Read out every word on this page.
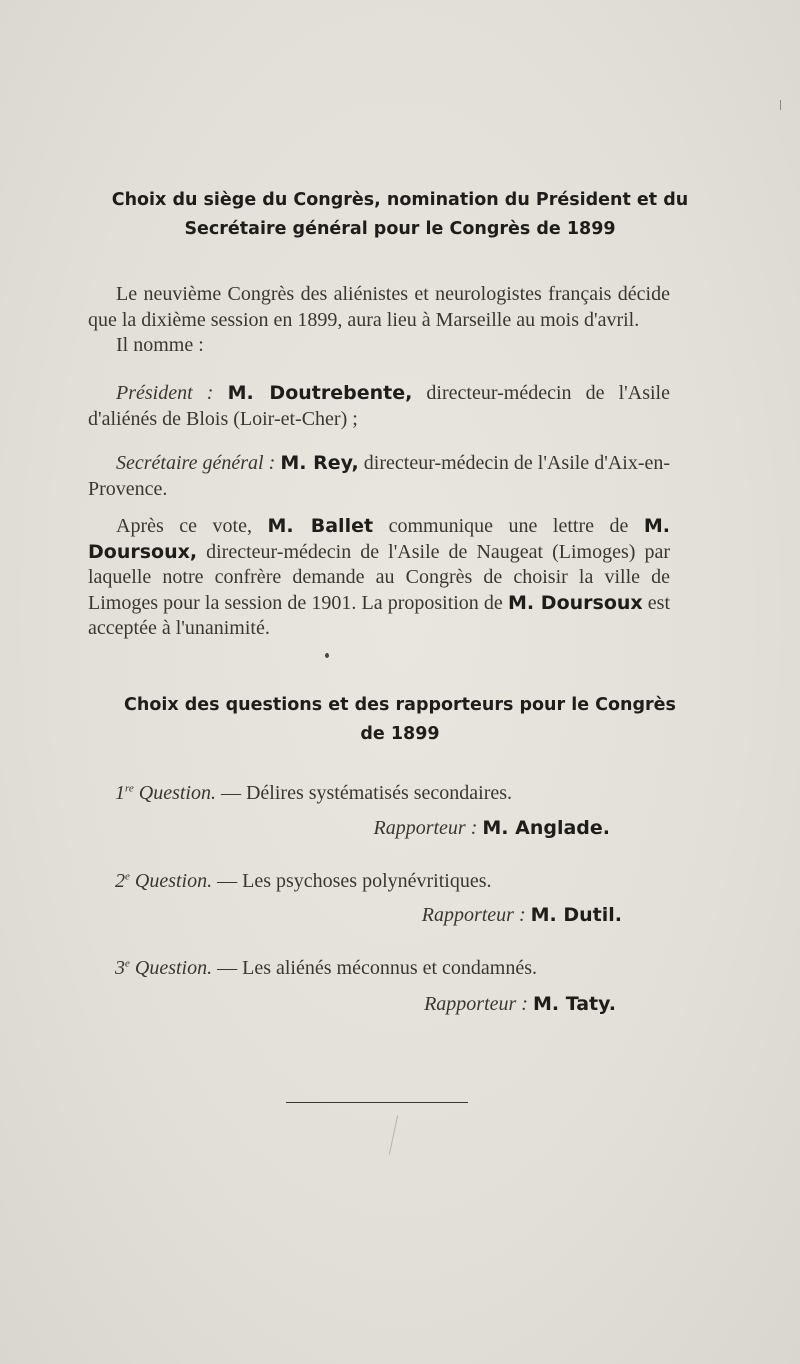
Choix du siège du Congrès, nomination du Président et du
Secrétaire général pour le Congrès de 1899

Le neuvième Congrès des aliénistes et neurologistes français décide que la dixième session en 1899, aura lieu à Marseille au mois d'avril.

Il nomme :

Président : M. Doutrebente, directeur-médecin de l'Asile d'aliénés de Blois (Loir-et-Cher) ;

Secrétaire général : M. Rey, directeur-médecin de l'Asile d'Aix-en-Provence.

Après ce vote, M. Ballet communique une lettre de M. Doursoux, directeur-médecin de l'Asile de Naugeat (Limoges) par laquelle notre confrère demande au Congrès de choisir la ville de Limoges pour la session de 1901. La proposition de M. Doursoux est acceptée à l'unanimité.

Choix des questions et des rapporteurs pour le Congrès
de 1899

1re Question. — Délires systématisés secondaires.

Rapporteur : M. Anglade.

2e Question. — Les psychoses polynévritiques.

Rapporteur : M. Dutil.

3e Question. — Les aliénés méconnus et condamnés.

Rapporteur : M. Taty.
